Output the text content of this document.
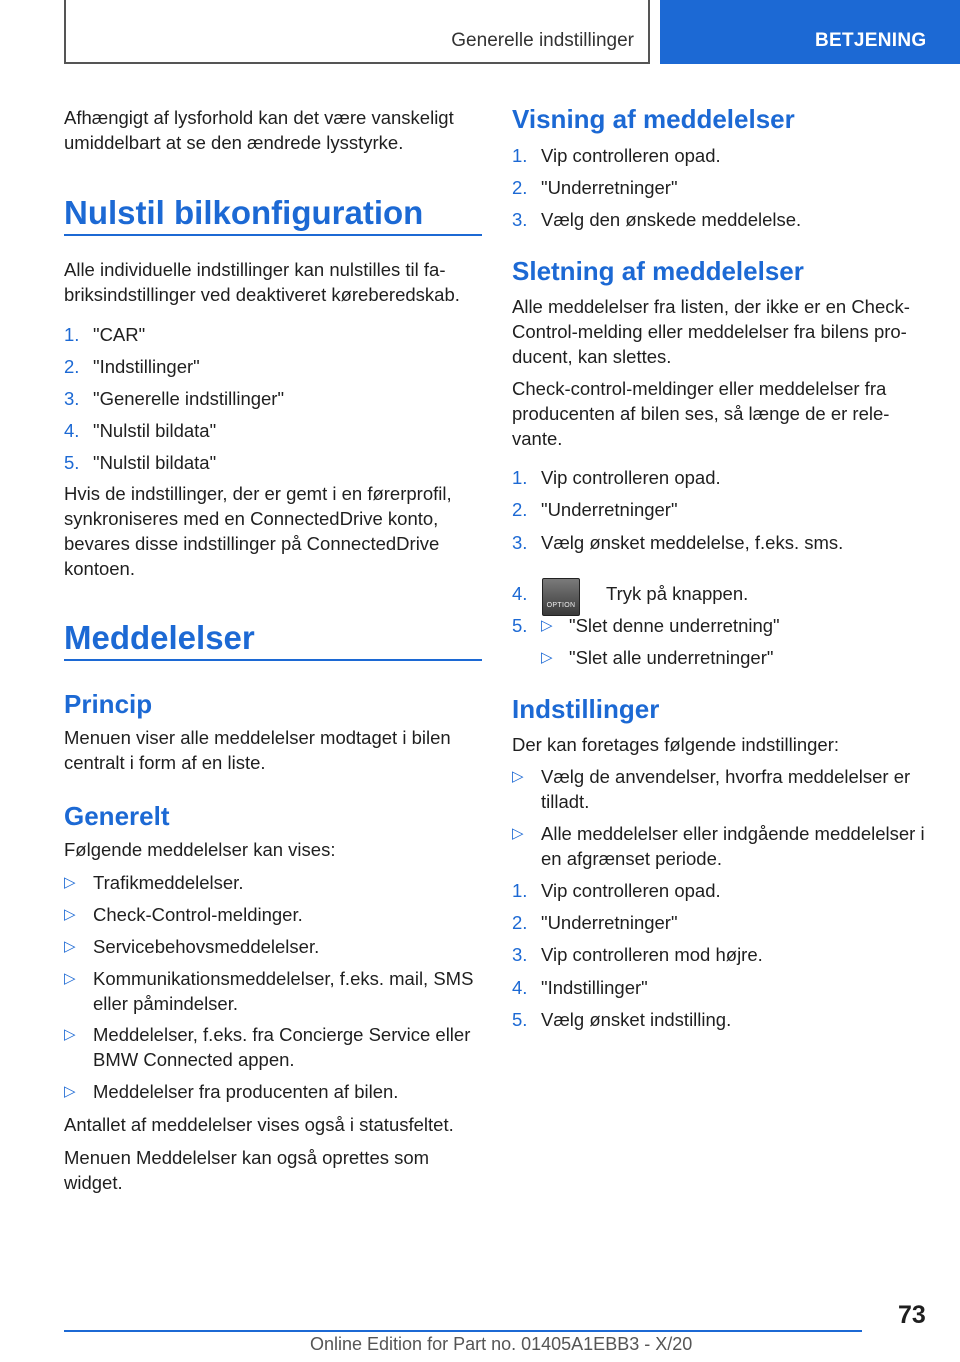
Generelle indstillinger	BETJENING
Afhængigt af lysforhold kan det være vanskeligt umiddelbart at se den ændrede lysstyrke.
Nulstil bilkonfiguration
Alle individuelle indstillinger kan nulstilles til fa-briksindstillinger ved deaktiveret køreberedskab.
1. "CAR"
2. "Indstillinger"
3. "Generelle indstillinger"
4. "Nulstil bildata"
5. "Nulstil bildata"
Hvis de indstillinger, der er gemt i en førerprofil, synkroniseres med en ConnectedDrive konto, bevares disse indstillinger på ConnectedDrive kontoen.
Meddelelser
Princip
Menuen viser alle meddelelser modtaget i bilen centralt i form af en liste.
Generelt
Følgende meddelelser kan vises:
▷ Trafikmeddelelser.
▷ Check-Control-meldinger.
▷ Servicebehovsmeddelelser.
▷ Kommunikationsmeddelelser, f.eks. mail, SMS eller påmindelser.
▷ Meddelelser, f.eks. fra Concierge Service eller BMW Connected appen.
▷ Meddelelser fra producenten af bilen.
Antallet af meddelelser vises også i statusfeltet.
Menuen Meddelelser kan også oprettes som widget.
Visning af meddelelser
1. Vip controlleren opad.
2. "Underretninger"
3. Vælg den ønskede meddelelse.
Sletning af meddelelser
Alle meddelelser fra listen, der ikke er en Check-Control-melding eller meddelelser fra bilens pro-ducent, kan slettes.
Check-control-meldinger eller meddelelser fra producenten af bilen ses, så længe de er rele-vante.
1. Vip controlleren opad.
2. "Underretninger"
3. Vælg ønsket meddelelse, f.eks. sms.
4.
OPTION
Tryk på knappen.
5. ▷ "Slet denne underretning"
▷ "Slet alle underretninger"
Indstillinger
Der kan foretages følgende indstillinger:
▷ Vælg de anvendelser, hvorfra meddelelser er tilladt.
▷ Alle meddelelser eller indgående meddelelser i en afgrænset periode.
1. Vip controlleren opad.
2. "Underretninger"
3. Vip controlleren mod højre.
4. "Indstillinger"
5. Vælg ønsket indstilling.
73
Online Edition for Part no. 01405A1EBB3 - X/20
